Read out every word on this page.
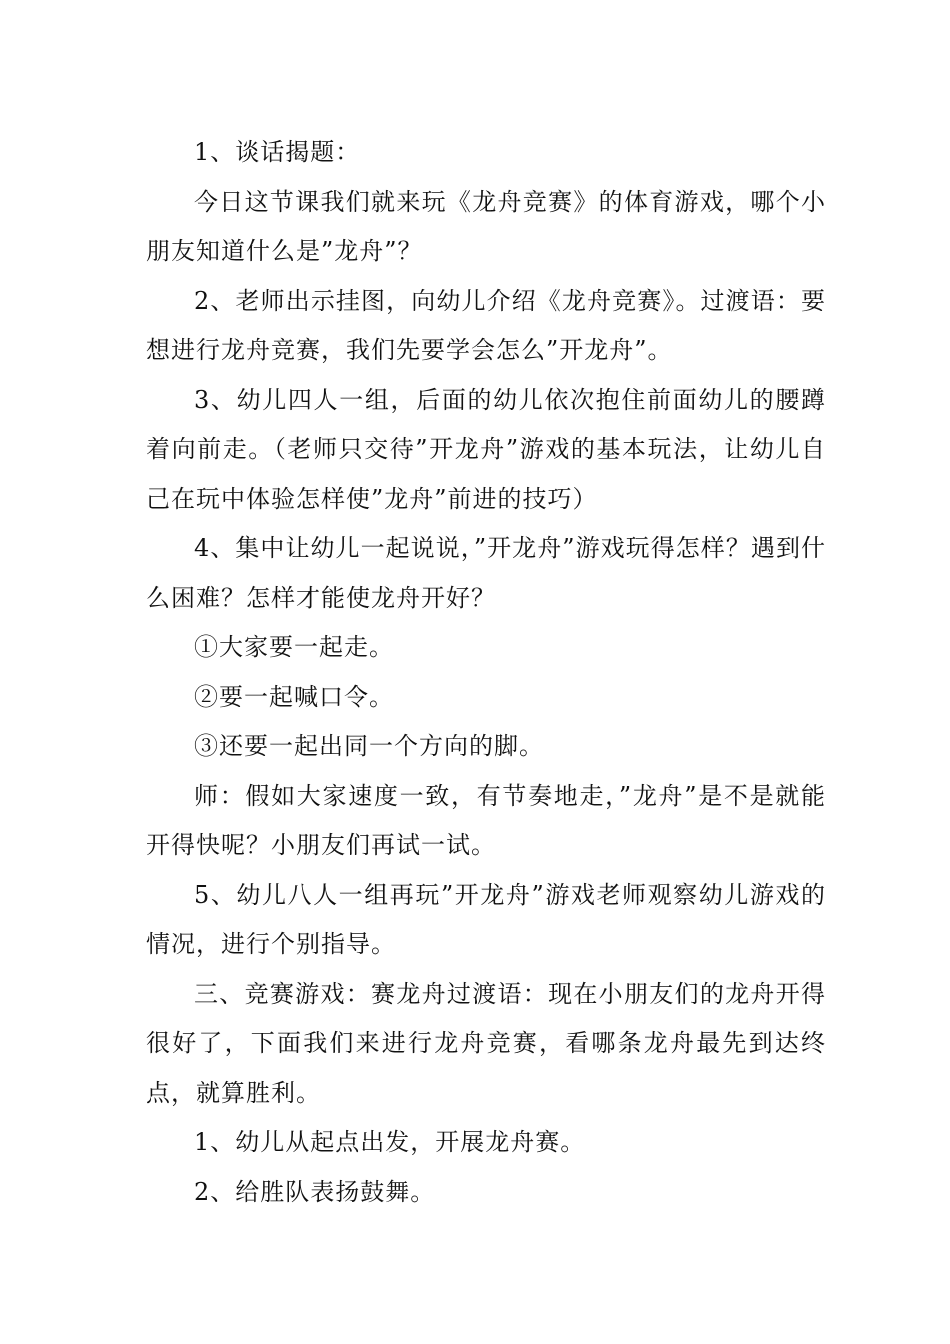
1、谈话揭题：

今日这节课我们就来玩《龙舟竞赛》的体育游戏，哪个小朋友知道什么是”龙舟”？

2、老师出示挂图，向幼儿介绍《龙舟竞赛》。过渡语：要想进行龙舟竞赛，我们先要学会怎么”开龙舟”。

3、幼儿四人一组，后面的幼儿依次抱住前面幼儿的腰蹲着向前走。（老师只交待”开龙舟”游戏的基本玩法，让幼儿自己在玩中体验怎样使”龙舟”前进的技巧）

4、集中让幼儿一起说说，”开龙舟”游戏玩得怎样？遇到什么困难？怎样才能使龙舟开好？

①大家要一起走。

②要一起喊口令。

③还要一起出同一个方向的脚。

师：假如大家速度一致，有节奏地走，”龙舟”是不是就能开得快呢？小朋友们再试一试。

5、幼儿八人一组再玩”开龙舟”游戏老师观察幼儿游戏的情况，进行个别指导。

三、竞赛游戏：赛龙舟过渡语：现在小朋友们的龙舟开得很好了，下面我们来进行龙舟竞赛，看哪条龙舟最先到达终点，就算胜利。

1、幼儿从起点出发，开展龙舟赛。

2、给胜队表扬鼓舞。
